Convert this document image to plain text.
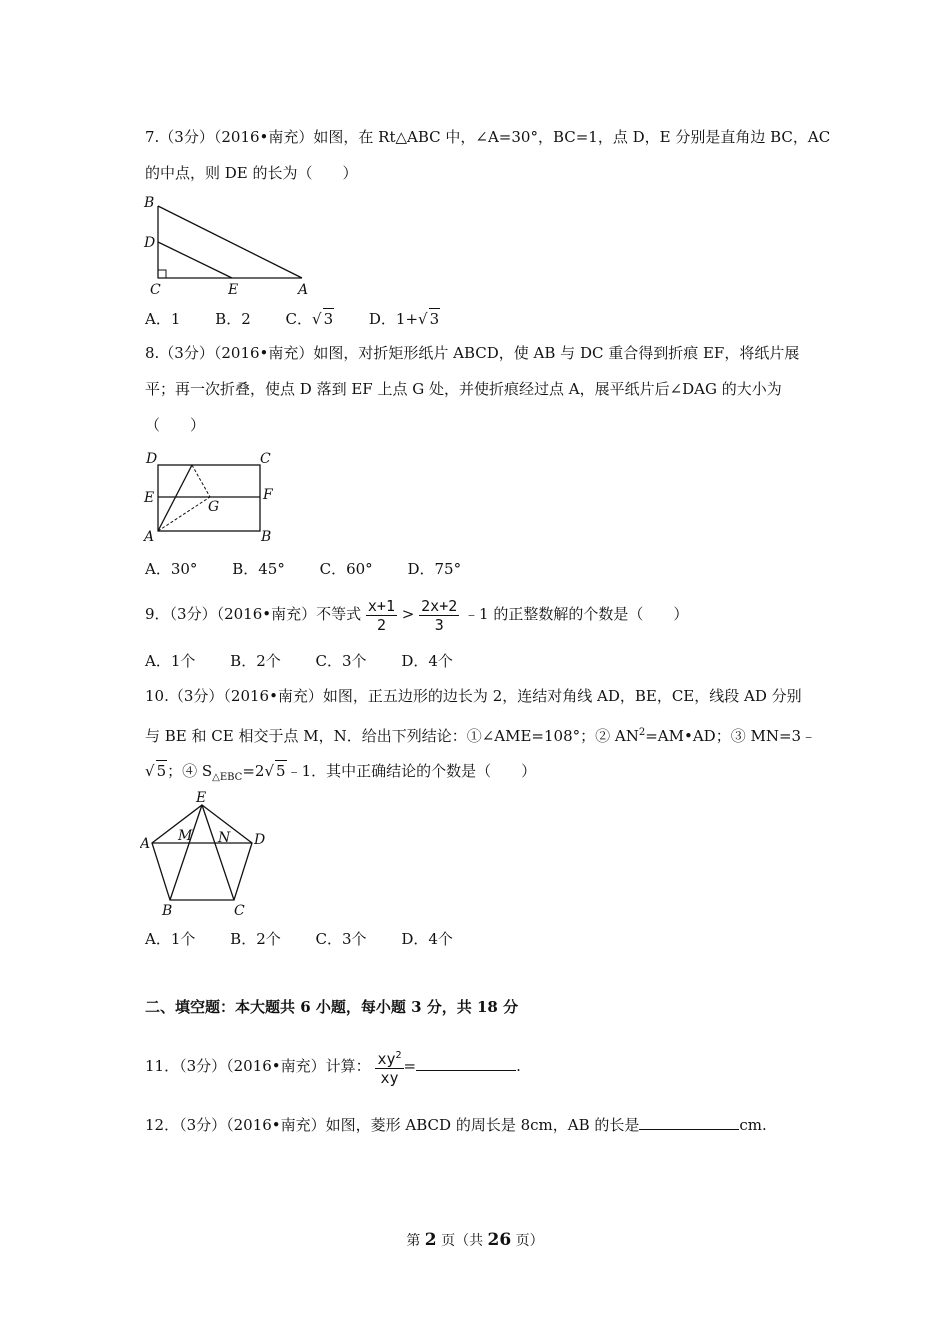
7.（3分）（2016•南充）如图，在 Rt△ABC 中，∠A=30°，BC=1，点 D，E 分别是直角边 BC，AC
的中点，则 DE 的长为（　　）
B
D
C	E	A
A．1 B．2 C．√ 3 D．1+√ 3
8.（3分）（2016•南充）如图，对折矩形纸片 ABCD，使 AB 与 DC 重合得到折痕 EF，将纸片展
平；再一次折叠，使点 D 落到 EF 上点 G 处，并使折痕经过点 A，展平纸片后∠DAG 的大小为
（　　）
D	C
E	F
G
A	B
A．30° B．45° C．60° D．75°
9．（3分）（2016•南充）不等式 $\frac{x+1}{2} > \frac{2x+2}{3}$ ﹣1 的正整数解的个数是（　　）
A．1个 B．2个 C．3个 D．4个
10.（3分）（2016•南充）如图，正五边形的边长为 2，连结对角线 AD，BE，CE，线段 AD 分别
与 BE 和 CE 相交于点 M，N．给出下列结论：①∠AME=108°；② $AN^2=AM•AD$；③ MN=3﹣
√ 5；④ $S_{\triangle EBC}=2√$ 5﹣1．其中正确结论的个数是（　　）
E
A M N D
B	C
A．1个 B．2个 C．3个 D．4个
二、填空题：本大题共 6 小题，每小题 3 分，共 18 分
11．（3分）（2016•南充）计算： $\frac{xy^2}{xy}$ =	.
12．（3分）（2016•南充）如图，菱形 ABCD 的周长是 8cm，AB 的长是	cm.
第 2 页（共 26 页）
